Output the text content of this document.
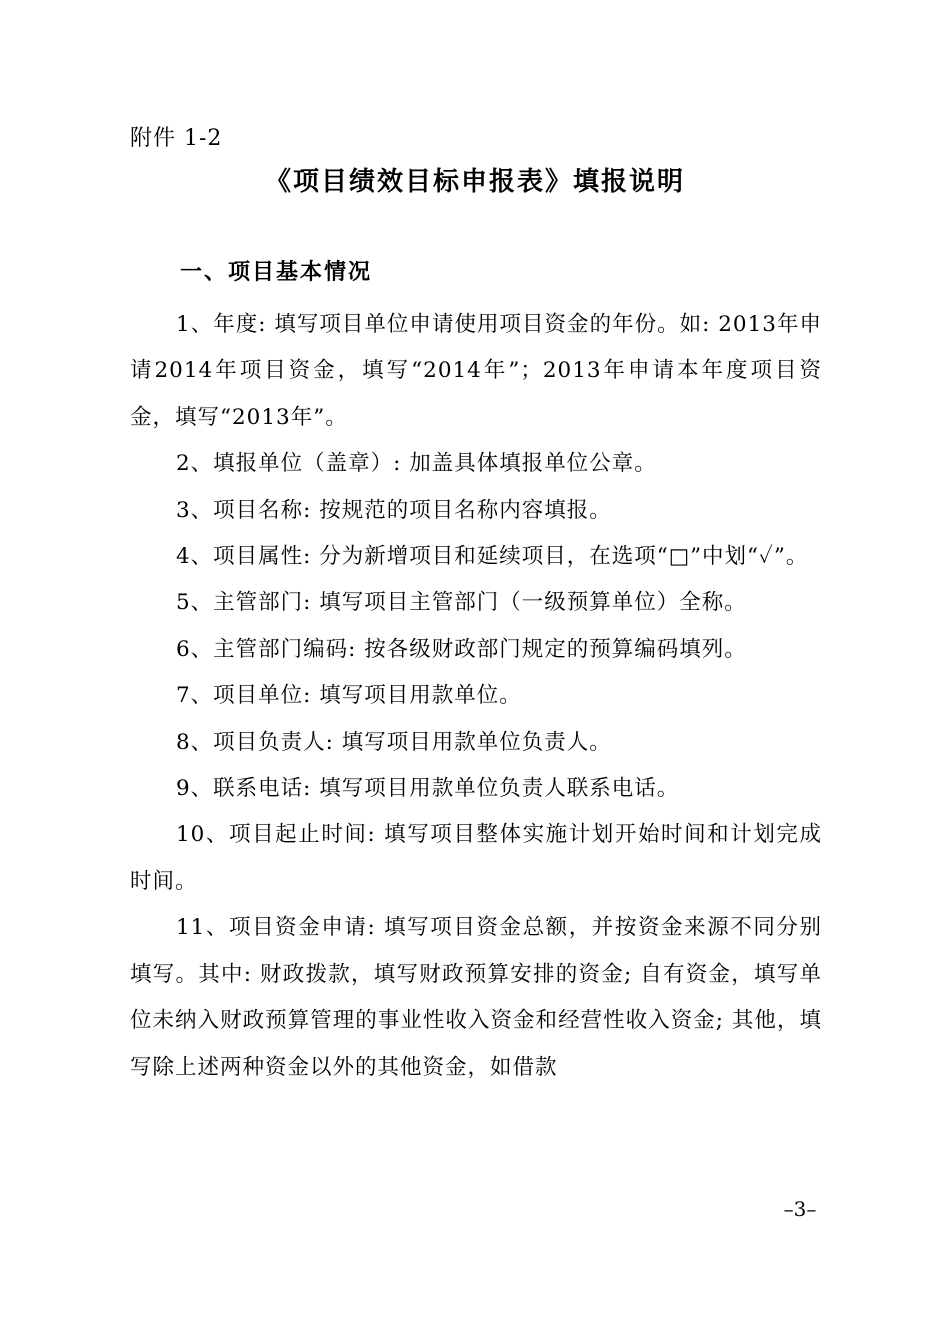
附件 1-2
《项目绩效目标申报表》填报说明
一、项目基本情况

1、年度: 填写项目单位申请使用项目资金的年份。如: 2013年申请2014年项目资金，填写“2014年”；2013年申请本年度项目资金，填写“2013年”。

2、填报单位（盖章）: 加盖具体填报单位公章。

3、项目名称: 按规范的项目名称内容填报。

4、项目属性: 分为新增项目和延续项目，在选项“□”中划“✓”。

5、主管部门: 填写项目主管部门（一级预算单位）全称。

6、主管部门编码: 按各级财政部门规定的预算编码填列。

7、项目单位: 填写项目用款单位。

8、项目负责人: 填写项目用款单位负责人。

9、联系电话: 填写项目用款单位负责人联系电话。

10、项目起止时间: 填写项目整体实施计划开始时间和计划完成时间。

11、项目资金申请: 填写项目资金总额，并按资金来源不同分别填写。其中: 财政拨款，填写财政预算安排的资金; 自有资金，填写单位未纳入财政预算管理的事业性收入资金和经营性收入资金; 其他，填写除上述两种资金以外的其他资金，如借款

–3–
